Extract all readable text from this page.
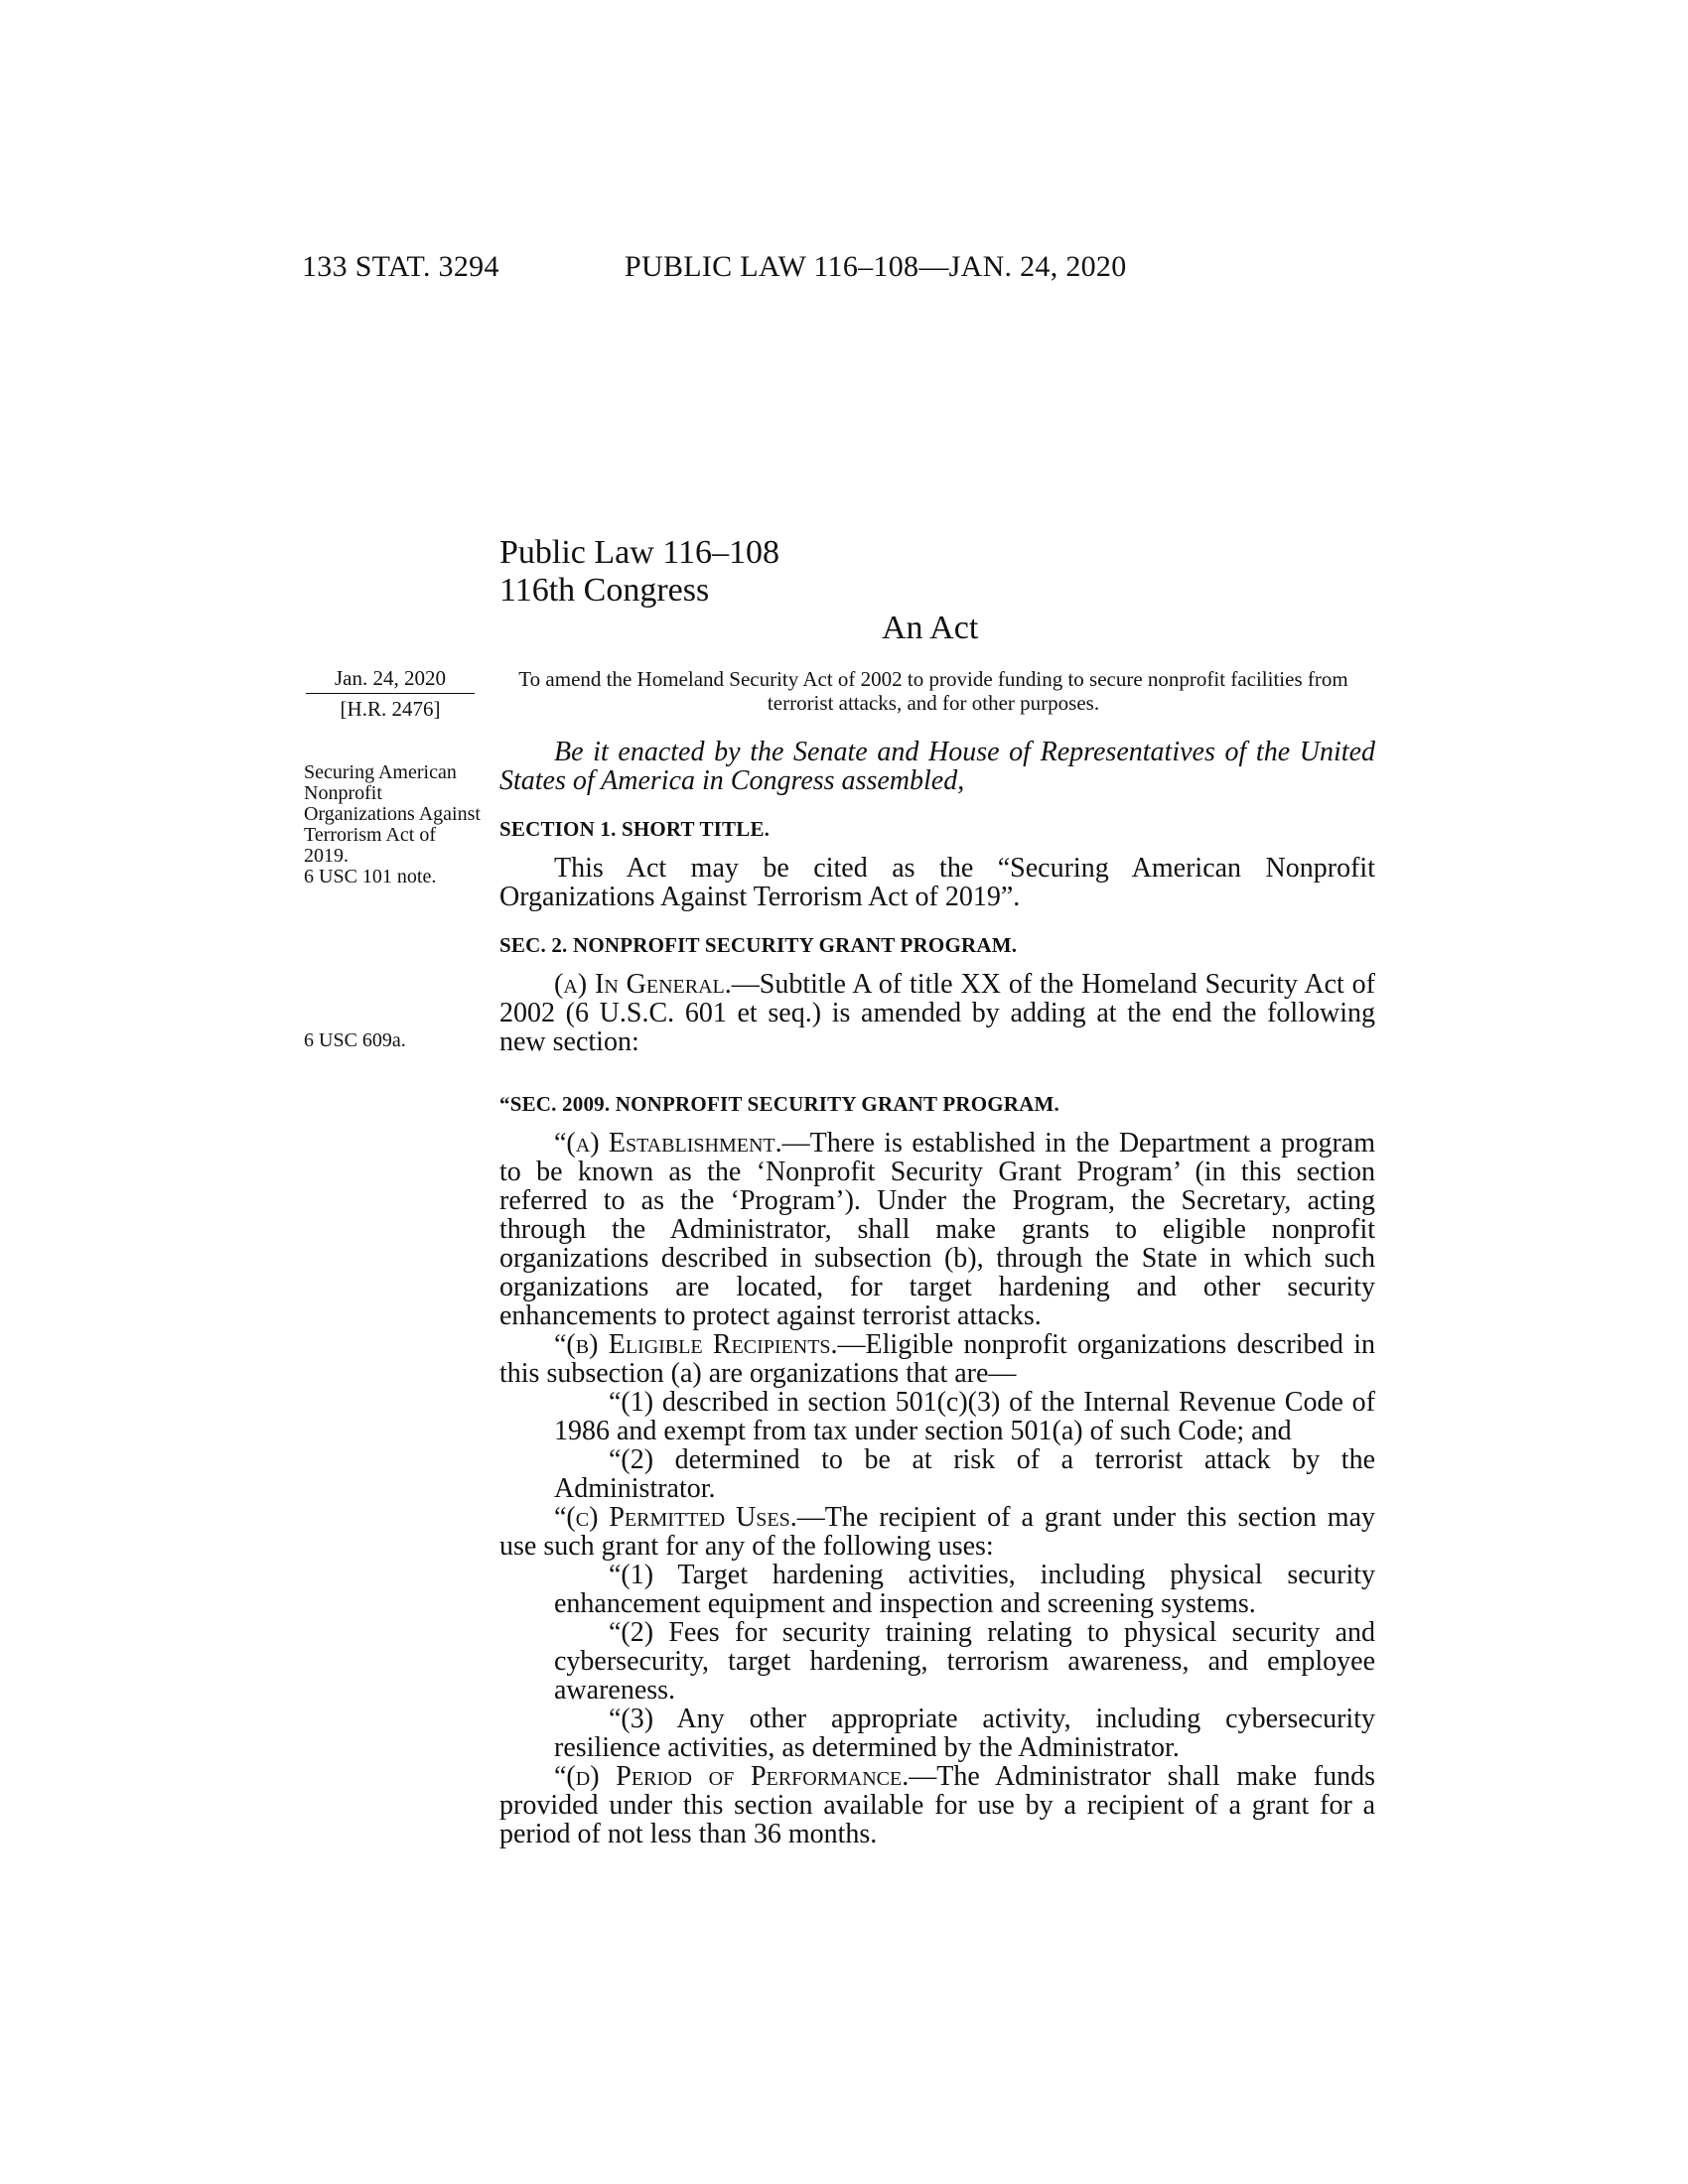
133 STAT. 3294	PUBLIC LAW 116–108—JAN. 24, 2020
Public Law 116–108
116th Congress
An Act
To amend the Homeland Security Act of 2002 to provide funding to secure nonprofit facilities from terrorist attacks, and for other purposes.
Jan. 24, 2020
[H.R. 2476]
Securing American Nonprofit Organizations Against Terrorism Act of 2019.
6 USC 101 note.
6 USC 609a.

Be it enacted by the Senate and House of Representatives of the United States of America in Congress assembled,

SECTION 1. SHORT TITLE.

This Act may be cited as the “Securing American Nonprofit Organizations Against Terrorism Act of 2019”.

SEC. 2. NONPROFIT SECURITY GRANT PROGRAM.

(a) In General.—Subtitle A of title XX of the Homeland Security Act of 2002 (6 U.S.C. 601 et seq.) is amended by adding at the end the following new section:

“SEC. 2009. NONPROFIT SECURITY GRANT PROGRAM.

“(a) Establishment.—There is established in the Department a program to be known as the ‘Nonprofit Security Grant Program’ (in this section referred to as the ‘Program’). Under the Program, the Secretary, acting through the Administrator, shall make grants to eligible nonprofit organizations described in subsection (b), through the State in which such organizations are located, for target hardening and other security enhancements to protect against terrorist attacks.

“(b) Eligible Recipients.—Eligible nonprofit organizations described in this subsection (a) are organizations that are—

“(1) described in section 501(c)(3) of the Internal Revenue Code of 1986 and exempt from tax under section 501(a) of such Code; and

“(2) determined to be at risk of a terrorist attack by the Administrator.

“(c) Permitted Uses.—The recipient of a grant under this section may use such grant for any of the following uses:

“(1) Target hardening activities, including physical security enhancement equipment and inspection and screening systems.

“(2) Fees for security training relating to physical security and cybersecurity, target hardening, terrorism awareness, and employee awareness.

“(3) Any other appropriate activity, including cybersecurity resilience activities, as determined by the Administrator.

“(d) Period of Performance.—The Administrator shall make funds provided under this section available for use by a recipient of a grant for a period of not less than 36 months.
